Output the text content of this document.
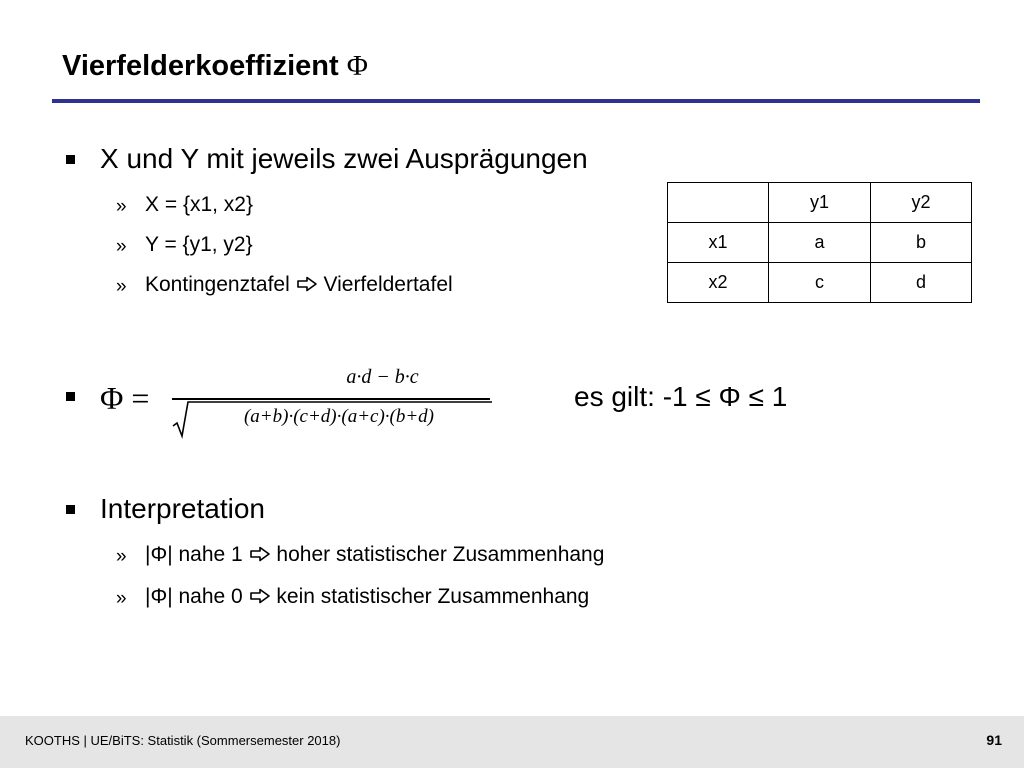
Vierfelderkoeffizient Φ
X und Y mit jeweils zwei Ausprägungen
» X = {x1, x2}
» Y = {y1, y2}
» Kontingenztafel Vierfeldertafel
	y1	y2
x1	a	b
x2	c	d
Φ =
a·d − b·c
(a+b)·(c+d)·(a+c)·(b+d)
es gilt: -1 ≤ Φ ≤ 1
Interpretation
» |Φ| nahe 1 hoher statistischer Zusammenhang
» |Φ| nahe 0 kein statistischer Zusammenhang
KOOTHS | UE/BiTS: Statistik (Sommersemester 2018)	91
